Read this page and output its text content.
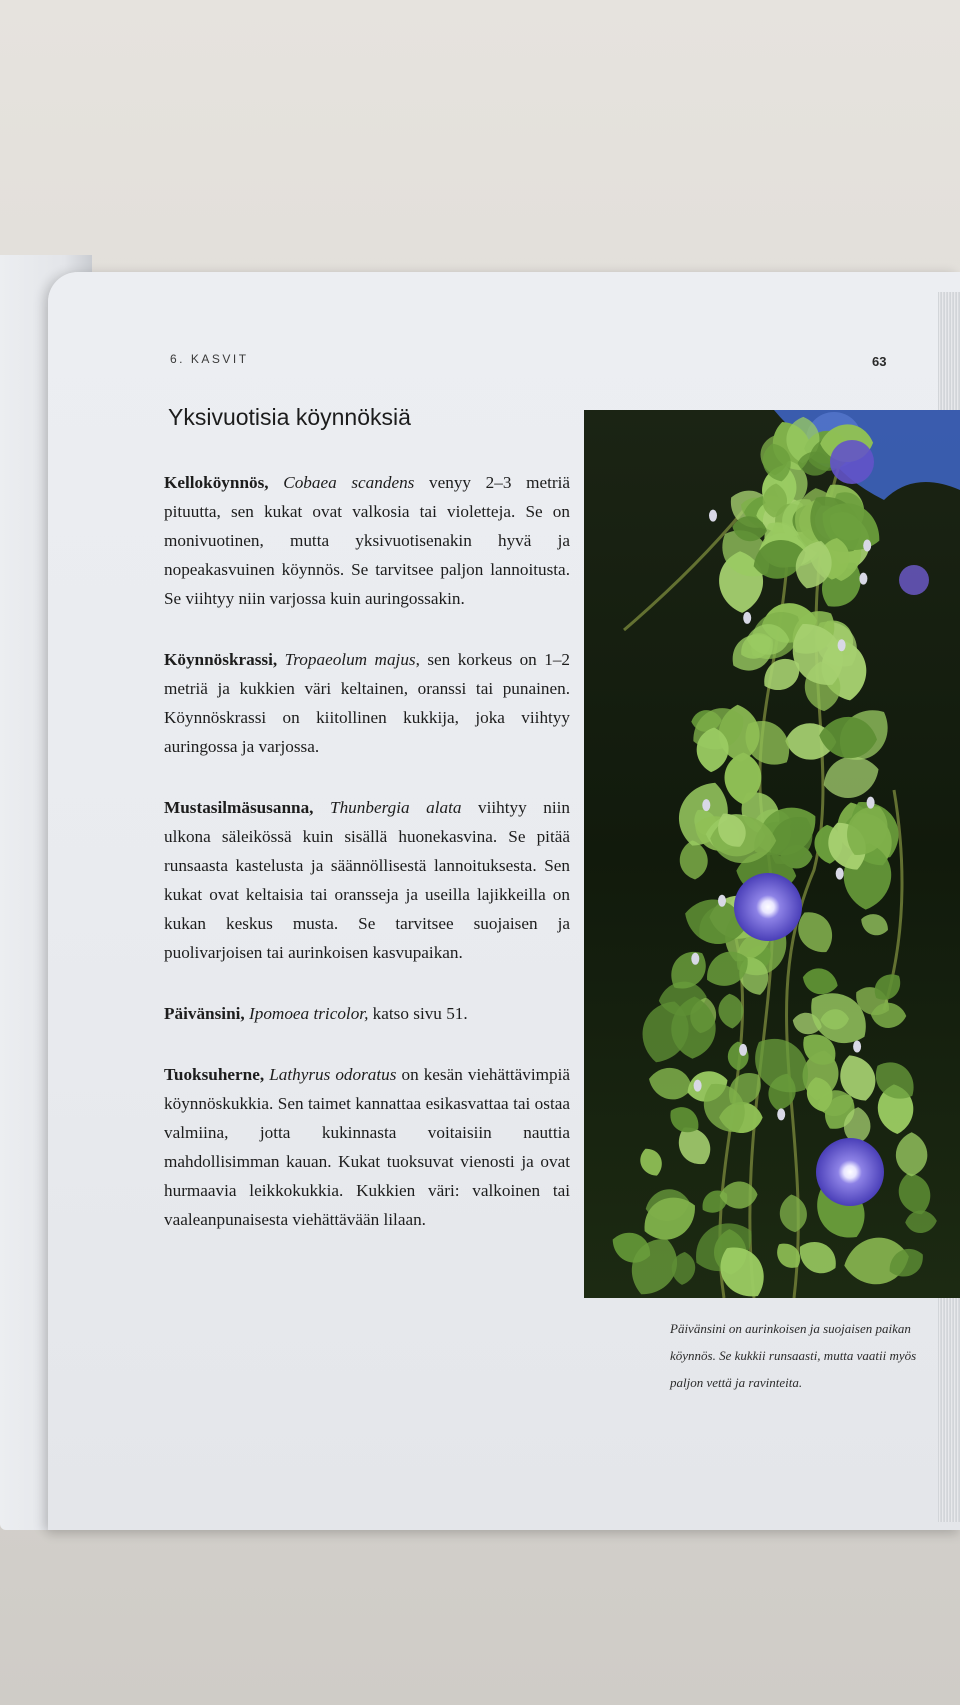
6. KASVIT	63
Yksivuotisia köynnöksiä

Kelloköynnös, Cobaea scandens venyy 2–3 metriä pituutta, sen kukat ovat valkosia tai violetteja. Se on monivuotinen, mutta yksivuotisenakin hyvä ja nopeakasvuinen köynnös. Se tarvitsee paljon lannoitusta. Se viihtyy niin varjossa kuin auringossakin.

Köynnöskrassi, Tropaeolum majus, sen korkeus on 1–2 metriä ja kukkien väri keltainen, oranssi tai punainen. Köynnöskrassi on kiitollinen kukkija, joka viihtyy auringossa ja varjossa.

Mustasilmäsusanna, Thunbergia alata viihtyy niin ulkona säleikössä kuin sisällä huonekasvina. Se pitää runsaasta kastelusta ja säännöllisestä lannoituksesta. Sen kukat ovat keltaisia tai oransseja ja useilla lajikkeilla on kukan keskus musta. Se tarvitsee suojaisen ja puolivarjoisen tai aurinkoisen kasvupaikan.

Päivänsini, Ipomoea tricolor, katso sivu 51.

Tuoksuherne, Lathyrus odoratus on kesän viehättävimpiä köynnöskukkia. Sen taimet kannattaa esikasvattaa tai ostaa valmiina, jotta kukinnasta voitaisiin nauttia mahdollisimman kauan. Kukat tuoksuvat vienosti ja ovat hurmaavia leikkokukkia. Kukkien väri: valkoinen tai vaaleanpunaisesta viehättävään lilaan.

Päivänsini on aurinkoisen ja suojaisen paikan köynnös. Se kukkii runsaasti, mutta vaatii myös paljon vettä ja ravinteita.
